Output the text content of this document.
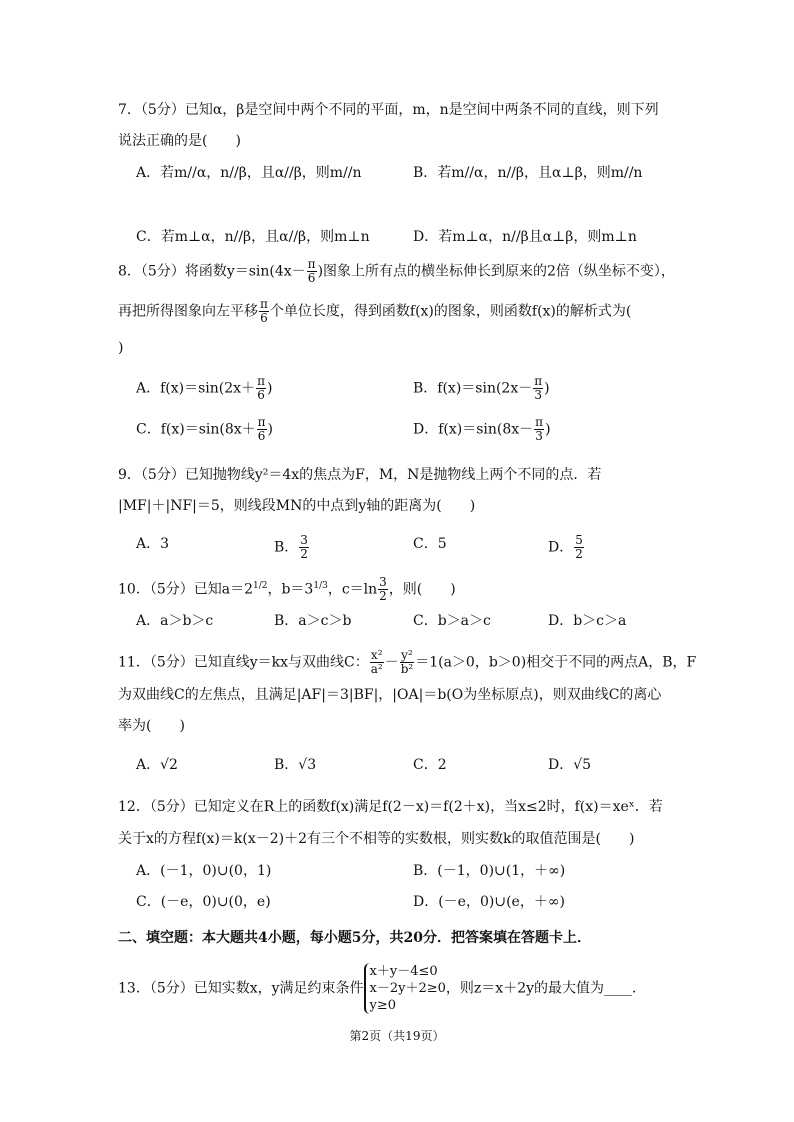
7．（5分）已知α，β是空间中两个不同的平面，m，n是空间中两条不同的直线，则下列
说法正确的是(　　)
A．若m//α，n//β，且α//β，则m//n	B．若m//α，n//β，且α⊥β，则m//n
C．若m⊥α，n//β，且α//β，则m⊥n	D．若m⊥α，n//β且α⊥β，则m⊥n
8．（5分）将函数$y=\sin(4x- \frac{\pi}{6}$ )图象上所有点的横坐标伸长到原来的2倍（纵坐标不变），
再把所得图象向左平移 $\frac{\pi}{6}$ 个单位长度，得到函数f(x)的图象，则函数f(x)的解析式为(
)
A．$f(x)=\sin(2x+ \frac{\pi}{6}$ )	B．$f(x)=\sin(2x- \frac{\pi}{3}$ )
C．$f(x)=\sin(8x+ \frac{\pi}{6}$ )	D．$f(x)=\sin(8x- \frac{\pi}{3}$ )
9．（5分）已知抛物线y²＝4x的焦点为F，M，N是抛物线上两个不同的点．若
|MF|＋|NF|＝5，则线段MN的中点到y轴的距离为(　　)
A．3	B． $\frac{3}{2}$	C．5	D． $\frac{5}{2}$
10．（5分）已知$a=2^{1/2}$，$b=3^{1/3}$，$c=\ln \frac{3}{2}$ ，则(　　)
A．a＞b＞c	B．a＞c＞b	C．b＞a＞c	D．b＞c＞a
11．（5分）已知直线y＝kx与双曲线C： $\frac{\text{x²}}{\text{a²}} - \frac{\text{y²}}{\text{b²}} =1(a>0$，b＞0)相交于不同的两点A，B，F
为双曲线C的左焦点，且满足|AF|＝3|BF|，|OA|＝b(O为坐标原点)，则双曲线C的离心
率为(　　)
A．√2	B．√3	C．2	D．√5
12．（5分）已知定义在R上的函数f(x)满足f(2－x)＝f(2＋x)，当x≤2时，f(x)＝xeˣ．若
关于x的方程f(x)＝k(x－2)＋2有三个不相等的实数根，则实数k的取值范围是(　　)
A．(－1，0)∪(0，1)	B．(－1，0)∪(1，＋∞)
C．(－e，0)∪(0，e)	D．(－e，0)∪(e，＋∞)
二、填空题：本大题共4小题，每小题5分，共20分．把答案填在答题卡上．
13．（5分）已知实数x，y满足约束条件
x＋y－4≤0
x－2y＋2≥0
y≥0
，则z＝x＋2y的最大值为____．
第2页（共19页）
